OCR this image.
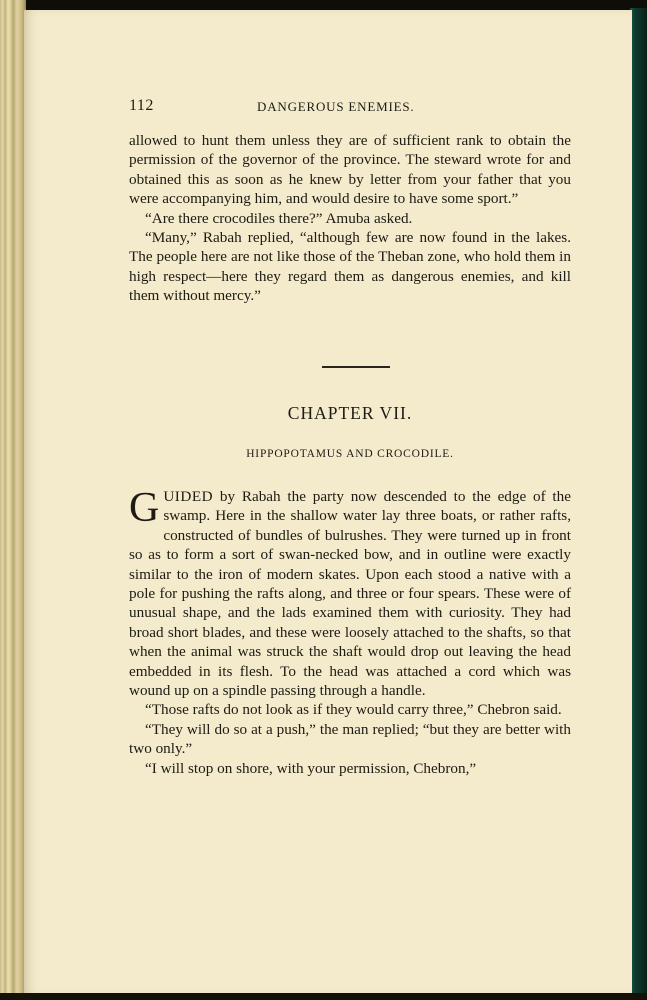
112	DANGEROUS ENEMIES.

allowed to hunt them unless they are of sufficient rank to obtain the permission of the governor of the province. The steward wrote for and obtained this as soon as he knew by letter from your father that you were accompanying him, and would desire to have some sport.”

“Are there crocodiles there?” Amuba asked.

“Many,” Rabah replied, “although few are now found in the lakes. The people here are not like those of the Theban zone, who hold them in high respect—here they regard them as dangerous enemies, and kill them without mercy.”

CHAPTER VII.
HIPPOPOTAMUS AND CROCODILE.

GUIDED by Rabah the party now descended to the edge of the swamp. Here in the shallow water lay three boats, or rather rafts, constructed of bundles of bulrushes. They were turned up in front so as to form a sort of swan-necked bow, and in outline were exactly similar to the iron of modern skates. Upon each stood a native with a pole for pushing the rafts along, and three or four spears. These were of unusual shape, and the lads examined them with curiosity. They had broad short blades, and these were loosely attached to the shafts, so that when the animal was struck the shaft would drop out leaving the head embedded in its flesh. To the head was attached a cord which was wound up on a spindle passing through a handle.

“Those rafts do not look as if they would carry three,” Chebron said.

“They will do so at a push,” the man replied; “but they are better with two only.”

“I will stop on shore, with your permission, Chebron,”
